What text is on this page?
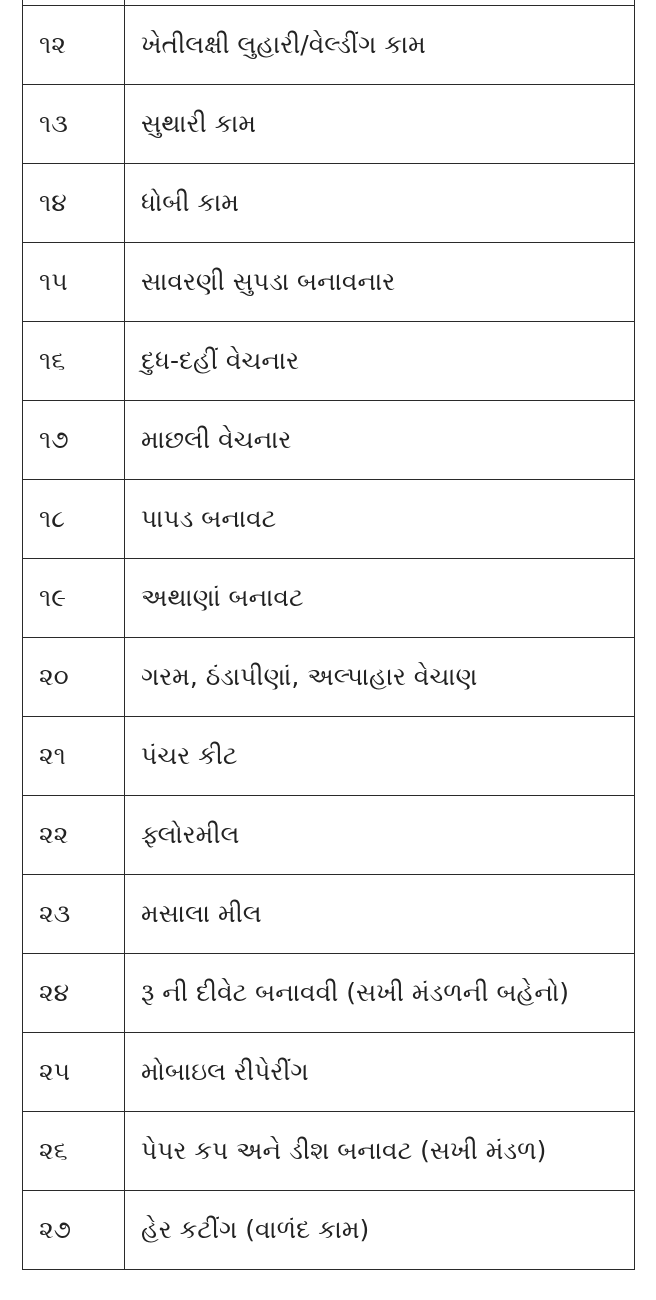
૧૨	ખેતીલક્ષી લુહારી/વેલ્ડીંગ કામ
૧૩	સુથારી કામ
૧૪	ધોબી કામ
૧૫	સાવરણી સુપડા બનાવનાર
૧૬	દુધ-દહીં વેચનાર
૧૭	માછલી વેચનાર
૧૮	પાપડ બનાવટ
૧૯	અથાણાં બનાવટ
૨૦	ગરમ, ઠંડાપીણાં, અલ્પાહાર વેચાણ
૨૧	પંચર કીટ
૨૨	ફ્લોરમીલ
૨૩	મસાલા મીલ
૨૪	રૂ ની દીવેટ બનાવવી (સખી મંડળની બહેનો)
૨૫	મોબાઇલ રીપેરીંગ
૨૬	પેપર કપ અને ડીશ બનાવટ (સખી મંડળ)
૨૭	હેર કટીંગ (વાળંદ કામ)
